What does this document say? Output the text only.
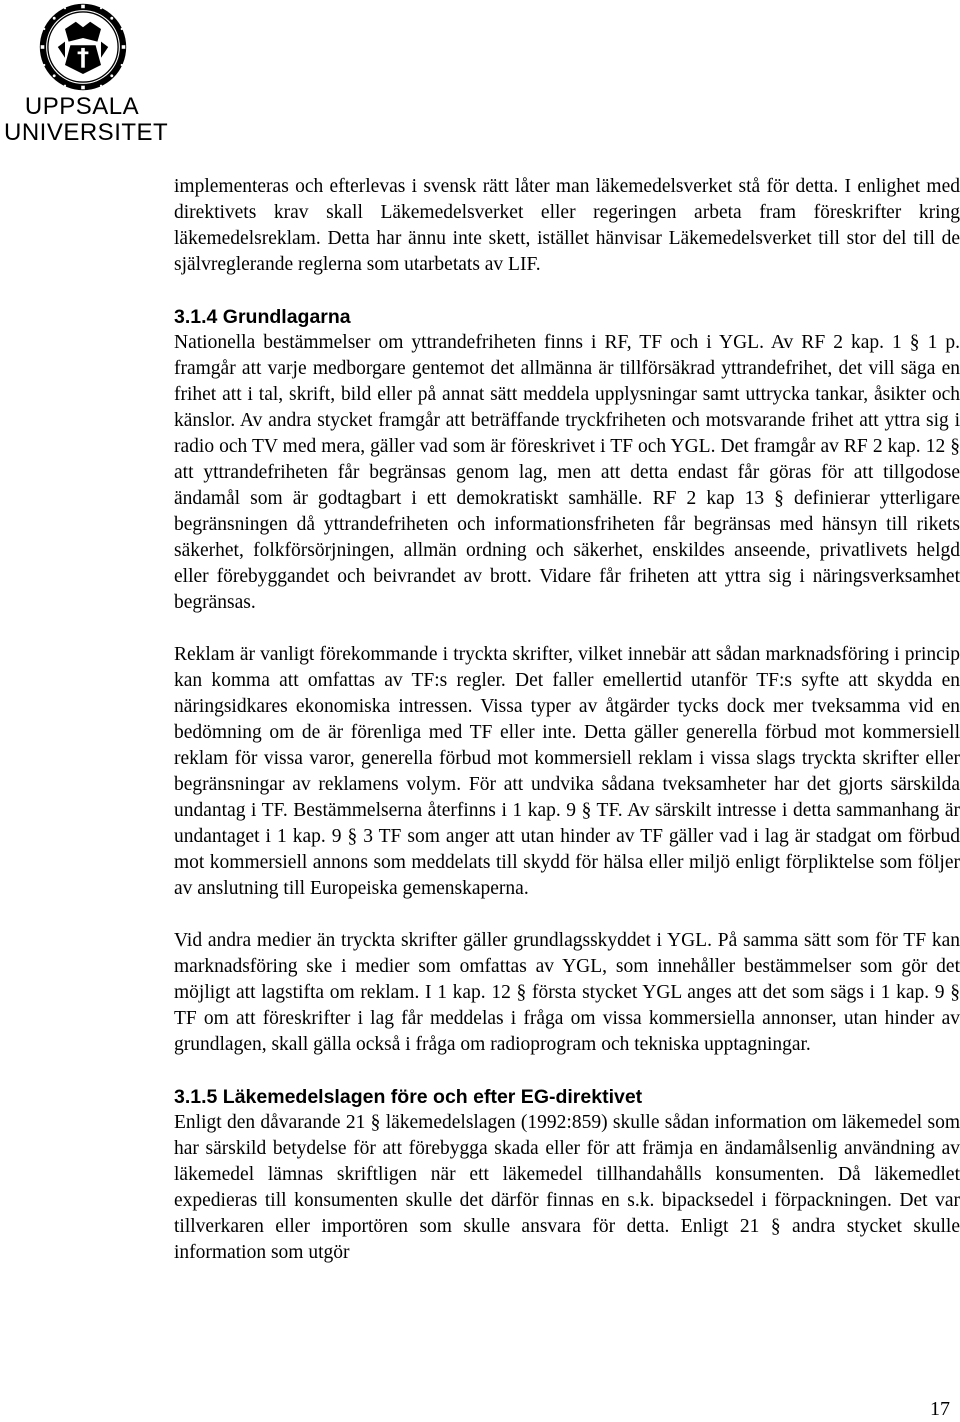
UPPSALA
UNIVERSITET

implementeras och efterlevas i svensk rätt låter man läkemedelsverket stå för detta. I enlighet med direktivets krav skall Läkemedelsverket eller regeringen arbeta fram föreskrifter kring läkemedelsreklam. Detta har ännu inte skett, istället hänvisar Läkemedelsverket till stor del till de självreglerande reglerna som utarbetats av LIF.

3.1.4 Grundlagarna

Nationella bestämmelser om yttrandefriheten finns i RF, TF och i YGL. Av RF 2 kap. 1 § 1 p. framgår att varje medborgare gentemot det allmänna är tillförsäkrad yttrandefrihet, det vill säga en frihet att i tal, skrift, bild eller på annat sätt meddela upplysningar samt uttrycka tankar, åsikter och känslor. Av andra stycket framgår att beträffande tryckfriheten och motsvarande frihet att yttra sig i radio och TV med mera, gäller vad som är föreskrivet i TF och YGL. Det framgår av RF 2 kap. 12 § att yttrandefriheten får begränsas genom lag, men att detta endast får göras för att tillgodose ändamål som är godtagbart i ett demokratiskt samhälle. RF 2 kap 13 § definierar ytterligare begränsningen då yttrandefriheten och informationsfriheten får begränsas med hänsyn till rikets säkerhet, folkförsörjningen, allmän ordning och säkerhet, enskildes anseende, privatlivets helgd eller förebyggandet och beivrandet av brott. Vidare får friheten att yttra sig i näringsverksamhet begränsas.

Reklam är vanligt förekommande i tryckta skrifter, vilket innebär att sådan marknadsföring i princip kan komma att omfattas av TF:s regler. Det faller emellertid utanför TF:s syfte att skydda en näringsidkares ekonomiska intressen. Vissa typer av åtgärder tycks dock mer tveksamma vid en bedömning om de är förenliga med TF eller inte. Detta gäller generella förbud mot kommersiell reklam för vissa varor, generella förbud mot kommersiell reklam i vissa slags tryckta skrifter eller begränsningar av reklamens volym. För att undvika sådana tveksamheter har det gjorts särskilda undantag i TF. Bestämmelserna återfinns i 1 kap. 9 § TF. Av särskilt intresse i detta sammanhang är undantaget i 1 kap. 9 § 3 TF som anger att utan hinder av TF gäller vad i lag är stadgat om förbud mot kommersiell annons som meddelats till skydd för hälsa eller miljö enligt förpliktelse som följer av anslutning till Europeiska gemenskaperna.

Vid andra medier än tryckta skrifter gäller grundlagsskyddet i YGL. På samma sätt som för TF kan marknadsföring ske i medier som omfattas av YGL, som innehåller bestämmelser som gör det möjligt att lagstifta om reklam. I 1 kap. 12 § första stycket YGL anges att det som sägs i 1 kap. 9 § TF om att föreskrifter i lag får meddelas i fråga om vissa kommersiella annonser, utan hinder av grundlagen, skall gälla också i fråga om radioprogram och tekniska upptagningar.

3.1.5 Läkemedelslagen före och efter EG-direktivet

Enligt den dåvarande 21 § läkemedelslagen (1992:859) skulle sådan information om läkemedel som har särskild betydelse för att förebygga skada eller för att främja en ändamålsenlig användning av läkemedel lämnas skriftligen när ett läkemedel tillhandahålls konsumenten. Då läkemedlet expedieras till konsumenten skulle det därför finnas en s.k. bipacksedel i förpackningen. Det var tillverkaren eller importören som skulle ansvara för detta. Enligt 21 § andra stycket skulle information som utgör

17
